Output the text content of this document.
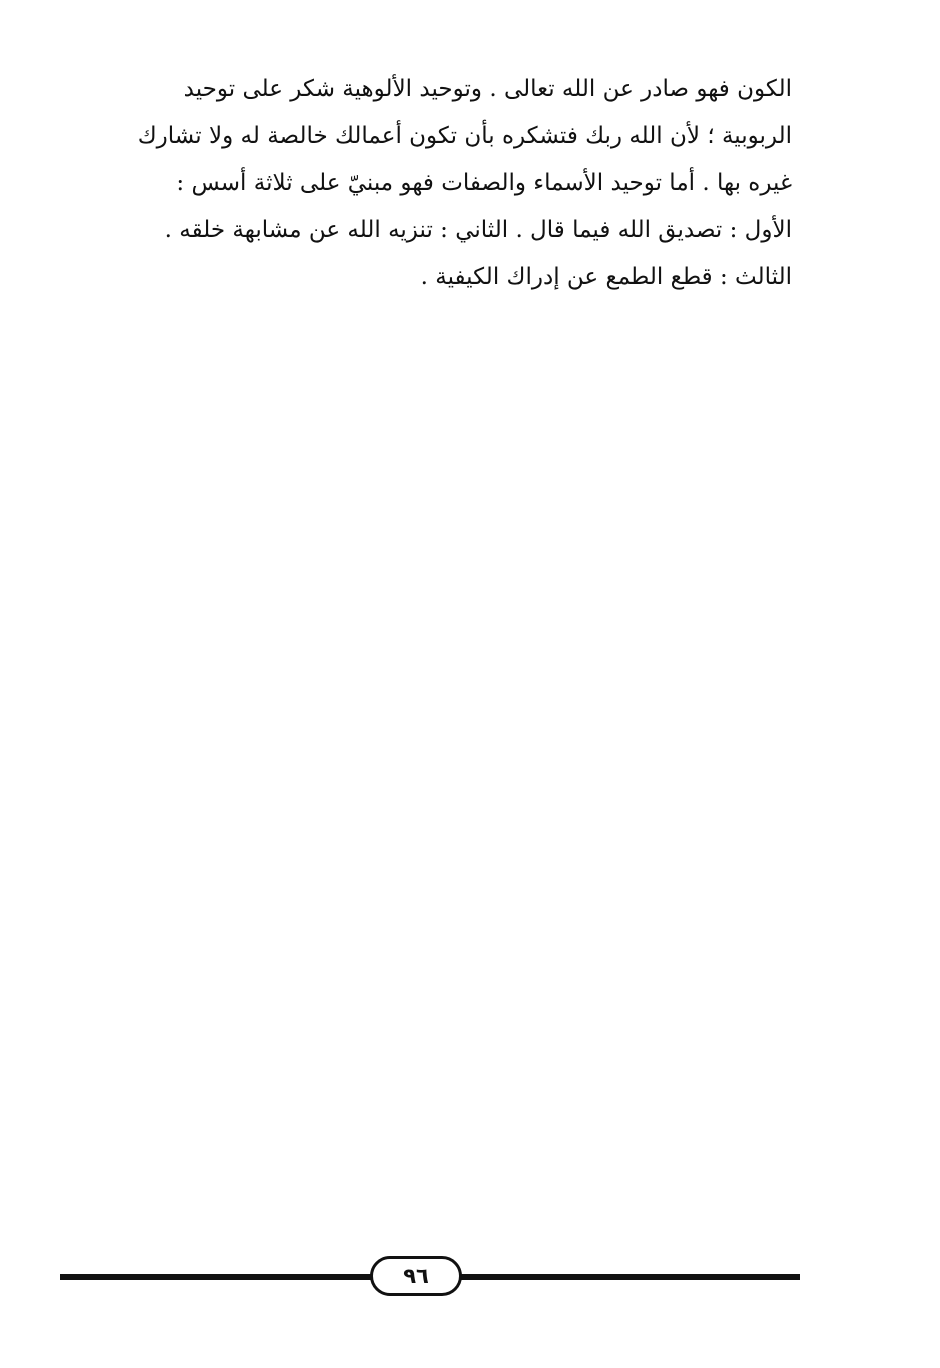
الكون فهو صادر عن الله تعالى . وتوحيد الألوهية شكر على توحيد
الربوبية ؛ لأن الله ربك فتشكره بأن تكون أعمالك خالصة له ولا تشارك
غيره بها . أما توحيد الأسماء والصفات فهو مبنيّ على ثلاثة أسس :
الأول : تصديق الله فيما قال . الثاني : تنزيه الله عن مشابهة خلقه .
الثالث : قطع الطمع عن إدراك الكيفية .
٩٦
